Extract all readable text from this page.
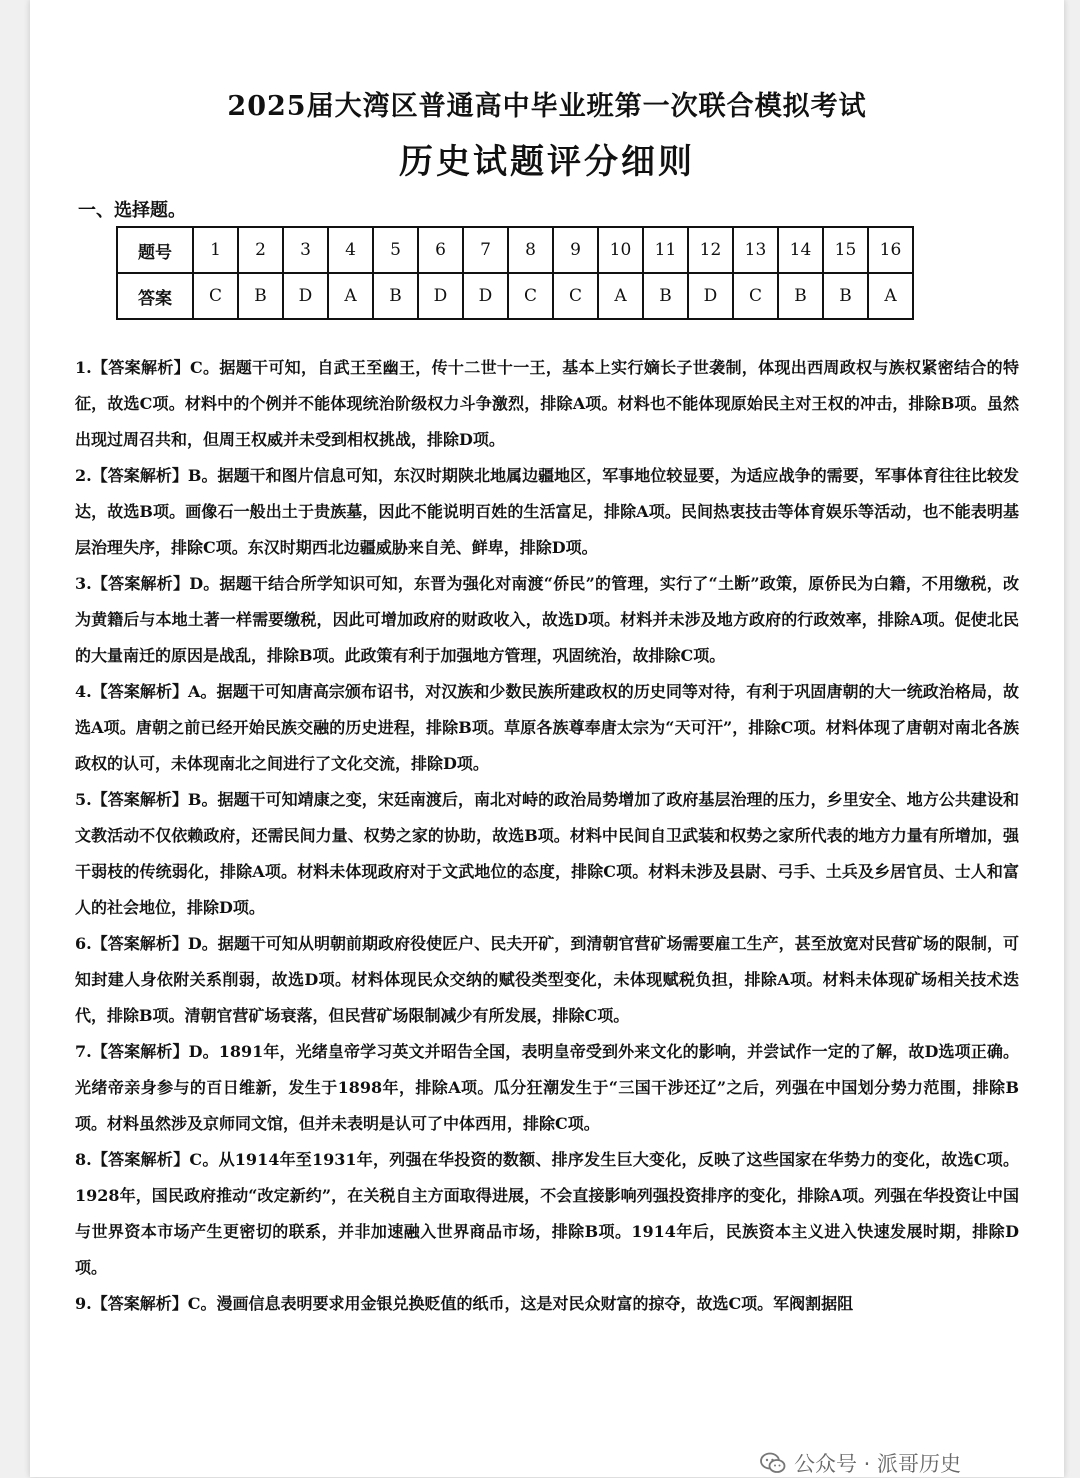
2025届大湾区普通高中毕业班第一次联合模拟考试
历史试题评分细则
一、选择题。
题号	1	2	3	4	5	6	7	8	9	10	11	12	13	14	15	16
答案	C	B	D	A	B	D	D	C	C	A	B	D	C	B	B	A

1.【答案解析】C。据题干可知，自武王至幽王，传十二世十一王，基本上实行嫡长子世袭制，体现出西周政权与族权紧密结合的特征，故选C项。材料中的个例并不能体现统治阶级权力斗争激烈，排除A项。材料也不能体现原始民主对王权的冲击，排除B项。虽然出现过周召共和，但周王权威并未受到相权挑战，排除D项。

2.【答案解析】B。据题干和图片信息可知，东汉时期陕北地属边疆地区，军事地位较显要，为适应战争的需要，军事体育往往比较发达，故选B项。画像石一般出土于贵族墓，因此不能说明百姓的生活富足，排除A项。民间热衷技击等体育娱乐等活动，也不能表明基层治理失序，排除C项。东汉时期西北边疆威胁来自羌、鲜卑，排除D项。

3.【答案解析】D。据题干结合所学知识可知，东晋为强化对南渡“侨民”的管理，实行了“土断”政策，原侨民为白籍，不用缴税，改为黄籍后与本地土著一样需要缴税，因此可增加政府的财政收入，故选D项。材料并未涉及地方政府的行政效率，排除A项。促使北民的大量南迁的原因是战乱，排除B项。此政策有利于加强地方管理，巩固统治，故排除C项。

4.【答案解析】A。据题干可知唐高宗颁布诏书，对汉族和少数民族所建政权的历史同等对待，有利于巩固唐朝的大一统政治格局，故选A项。唐朝之前已经开始民族交融的历史进程，排除B项。草原各族尊奉唐太宗为“天可汗”，排除C项。材料体现了唐朝对南北各族政权的认可，未体现南北之间进行了文化交流，排除D项。

5.【答案解析】B。据题干可知靖康之变，宋廷南渡后，南北对峙的政治局势增加了政府基层治理的压力，乡里安全、地方公共建设和文教活动不仅依赖政府，还需民间力量、权势之家的协助，故选B项。材料中民间自卫武装和权势之家所代表的地方力量有所增加，强干弱枝的传统弱化，排除A项。材料未体现政府对于文武地位的态度，排除C项。材料未涉及县尉、弓手、土兵及乡居官员、士人和富人的社会地位，排除D项。

6.【答案解析】D。据题干可知从明朝前期政府役使匠户、民夫开矿，到清朝官营矿场需要雇工生产，甚至放宽对民营矿场的限制，可知封建人身依附关系削弱，故选D项。材料体现民众交纳的赋役类型变化，未体现赋税负担，排除A项。材料未体现矿场相关技术迭代，排除B项。清朝官营矿场衰落，但民营矿场限制减少有所发展，排除C项。

7.【答案解析】D。1891年，光绪皇帝学习英文并昭告全国，表明皇帝受到外来文化的影响，并尝试作一定的了解，故D选项正确。光绪帝亲身参与的百日维新，发生于1898年，排除A项。瓜分狂潮发生于“三国干涉还辽”之后，列强在中国划分势力范围，排除B项。材料虽然涉及京师同文馆，但并未表明是认可了中体西用，排除C项。

8.【答案解析】C。从1914年至1931年，列强在华投资的数额、排序发生巨大变化，反映了这些国家在华势力的变化，故选C项。1928年，国民政府推动“改定新约”，在关税自主方面取得进展，不会直接影响列强投资排序的变化，排除A项。列强在华投资让中国与世界资本市场产生更密切的联系，并非加速融入世界商品市场，排除B项。1914年后，民族资本主义进入快速发展时期，排除D项。

9.【答案解析】C。漫画信息表明要求用金银兑换贬值的纸币，这是对民众财富的掠夺，故选C项。军阀割据阻

公众号 · 派哥历史
